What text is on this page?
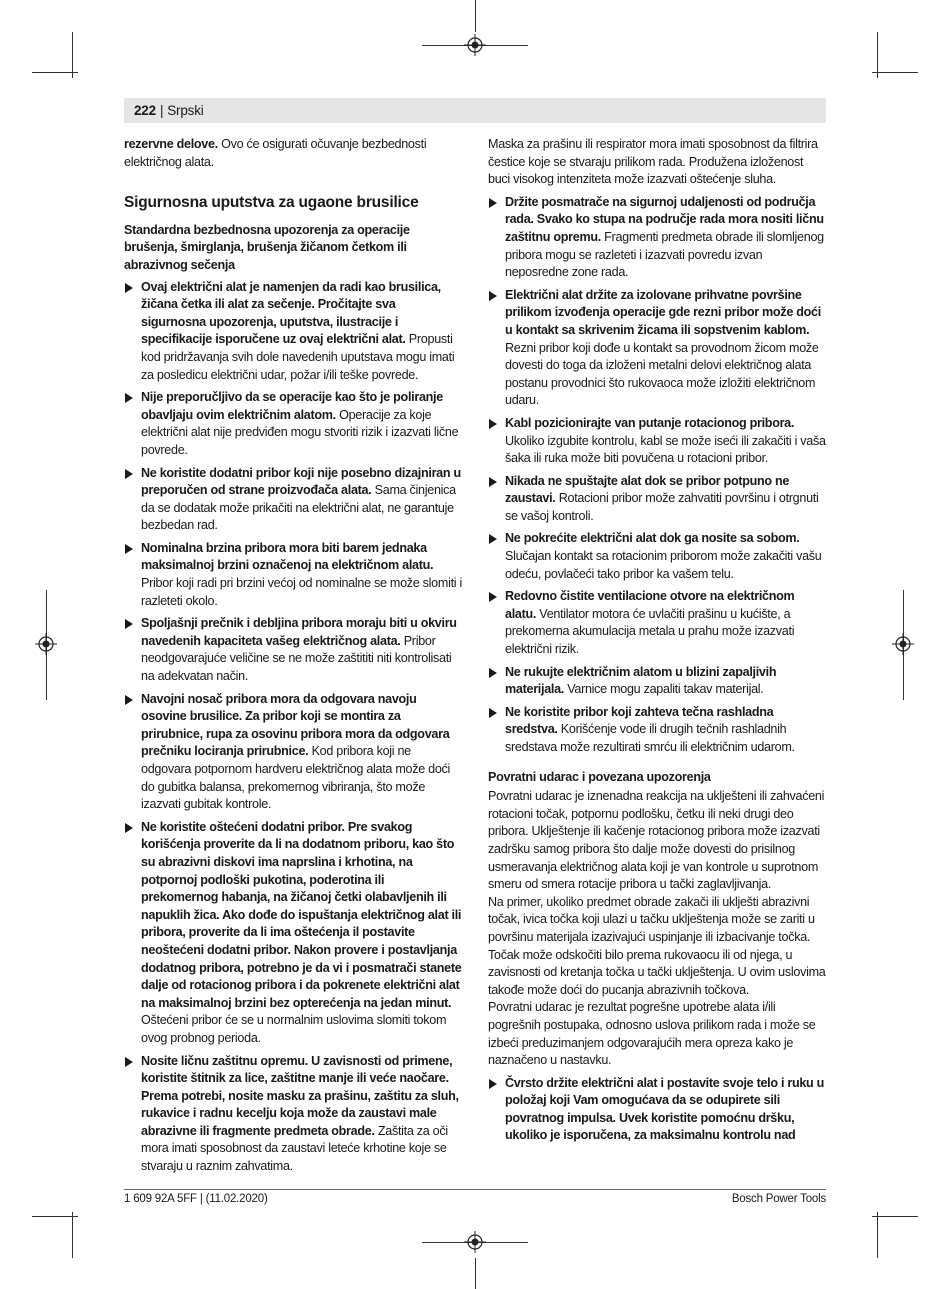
222 | Srpski

rezervne delove. Ovo će osigurati očuvanje bezbednosti električnog alata.

Sigurnosna uputstva za ugaone brusilice
Standardna bezbednosna upozorenja za operacije brušenja, šmirglanja, brušenja žičanom četkom ili abrazivnog sečenja
Ovaj električni alat je namenjen da radi kao brusilica, žičana četka ili alat za sečenje. Pročitajte sva sigurnosna upozorenja, uputstva, ilustracije i specifikacije isporučene uz ovaj električni alat. Propusti kod pridržavanja svih dole navedenih uputstava mogu imati za posledicu električni udar, požar i/ili teške povrede.
Nije preporučljivo da se operacije kao što je poliranje obavljaju ovim električnim alatom. Operacije za koje električni alat nije predviđen mogu stvoriti rizik i izazvati lične povrede.
Ne koristite dodatni pribor koji nije posebno dizajniran u preporučen od strane proizvođača alata. Sama činjenica da se dodatak može prikačiti na električni alat, ne garantuje bezbedan rad.
Nominalna brzina pribora mora biti barem jednaka maksimalnoj brzini označenoj na električnom alatu. Pribor koji radi pri brzini većoj od nominalne se može slomiti i razleteti okolo.
Spoljašnji prečnik i debljina pribora moraju biti u okviru navedenih kapaciteta vašeg električnog alata. Pribor neodgovarajuće veličine se ne može zaštititi niti kontrolisati na adekvatan način.
Navojni nosač pribora mora da odgovara navoju osovine brusilice. Za pribor koji se montira za prirubnice, rupa za osovinu pribora mora da odgovara prečniku lociranja prirubnice. Kod pribora koji ne odgovara potpornom hardveru električnog alata može doći do gubitka balansa, prekomernog vibriranja, što može izazvati gubitak kontrole.
Ne koristite oštećeni dodatni pribor. Pre svakog korišćenja proverite da li na dodatnom priboru, kao što su abrazivni diskovi ima naprslina i krhotina, na potpornoj podloški pukotina, poderotina ili prekomernog habanja, na žičanoj četki olabavljenih ili napuklih žica. Ako dođe do ispuštanja električnog alat ili pribora, proverite da li ima oštećenja il postavite neoštećeni dodatni pribor. Nakon provere i postavljanja dodatnog pribora, potrebno je da vi i posmatrači stanete dalje od rotacionog pribora i da pokrenete električni alat na maksimalnoj brzini bez opterećenja na jedan minut. Oštećeni pribor će se u normalnim uslovima slomiti tokom ovog probnog perioda.
Nosite ličnu zaštitnu opremu. U zavisnosti od primene, koristite štitnik za lice, zaštitne manje ili veće naočare. Prema potrebi, nosite masku za prašinu, zaštitu za sluh, rukavice i radnu kecelju koja može da zaustavi male abrazivne ili fragmente predmeta obrade. Zaštita za oči mora imati sposobnost da zaustavi leteće krhotine koje se stvaraju u raznim zahvatima.

Maska za prašinu ili respirator mora imati sposobnost da filtrira čestice koje se stvaraju prilikom rada. Produžena izloženost buci visokog intenziteta može izazvati oštećenje sluha.

Držite posmatrače na sigurnoj udaljenosti od područja rada. Svako ko stupa na područje rada mora nositi ličnu zaštitnu opremu. Fragmenti predmeta obrade ili slomljenog pribora mogu se razleteti i izazvati povredu izvan neposredne zone rada.
Električni alat držite za izolovane prihvatne površine prilikom izvođenja operacije gde rezni pribor može doći u kontakt sa skrivenim žicama ili sopstvenim kablom. Rezni pribor koji dođe u kontakt sa provodnom žicom može dovesti do toga da izloženi metalni delovi električnog alata postanu provodnici što rukovaoca može izložiti električnom udaru.
Kabl pozicionirajte van putanje rotacionog pribora. Ukoliko izgubite kontrolu, kabl se može iseći ili zakačiti i vaša šaka ili ruka može biti povučena u rotacioni pribor.
Nikada ne spuštajte alat dok se pribor potpuno ne zaustavi. Rotacioni pribor može zahvatiti površinu i otrgnuti se vašoj kontroli.
Ne pokrećite električni alat dok ga nosite sa sobom. Slučajan kontakt sa rotacionim priborom može zakačiti vašu odeću, povlačeći tako pribor ka vašem telu.
Redovno čistite ventilacione otvore na električnom alatu. Ventilator motora će uvlačiti prašinu u kućište, a prekomerna akumulacija metala u prahu može izazvati električni rizik.
Ne rukujte električnim alatom u blizini zapaljivih materijala. Varnice mogu zapaliti takav materijal.
Ne koristite pribor koji zahteva tečna rashladna sredstva. Korišćenje vode ili drugih tečnih rashladnih sredstava može rezultirati smrću ili električnim udarom.
Povratni udarac i povezana upozorenja

Povratni udarac je iznenadna reakcija na uklješteni ili zahvaćeni rotacioni točak, potpornu podlošku, četku ili neki drugi deo pribora. Uklještenje ili kačenje rotacionog pribora može izazvati zadršku samog pribora što dalje može dovesti do prisilnog usmeravanja električnog alata koji je van kontrole u suprotnom smeru od smera rotacije pribora u tački zaglavljivanja.

Na primer, ukoliko predmet obrade zakači ili uklješti abrazivni točak, ivica točka koji ulazi u tačku uklještenja može se zariti u površinu materijala izazivajući uspinjanje ili izbacivanje točka. Točak može odskočiti bilo prema rukovaocu ili od njega, u zavisnosti od kretanja točka u tački uklještenja. U ovim uslovima takođe može doći do pucanja abrazivnih točkova.

Povratni udarac je rezultat pogrešne upotrebe alata i/ili pogrešnih postupaka, odnosno uslova prilikom rada i može se izbeći preduzimanjem odgovarajućih mera opreza kako je naznačeno u nastavku.

Čvrsto držite električni alat i postavite svoje telo i ruku u položaj koji Vam omogućava da se odupirete sili povratnog impulsa. Uvek koristite pomoćnu dršku, ukoliko je isporučena, za maksimalnu kontrolu nad
1 609 92A 5FF | (11.02.2020)	Bosch Power Tools
